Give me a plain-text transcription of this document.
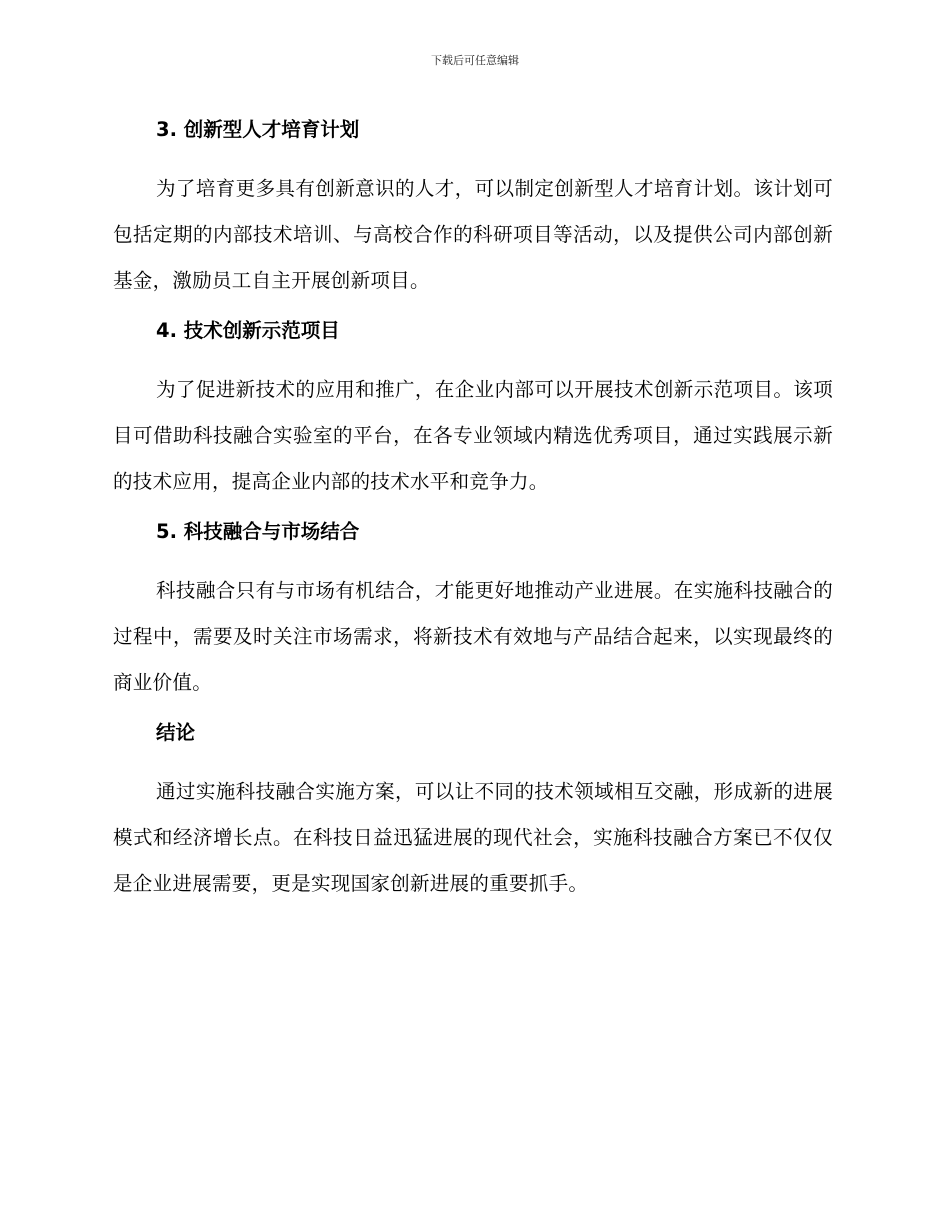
下载后可任意编辑
3. 创新型人才培育计划

为了培育更多具有创新意识的人才，可以制定创新型人才培育计划。该计划可包括定期的内部技术培训、与高校合作的科研项目等活动，以及提供公司内部创新基金，激励员工自主开展创新项目。

4. 技术创新示范项目

为了促进新技术的应用和推广，在企业内部可以开展技术创新示范项目。该项目可借助科技融合实验室的平台，在各专业领域内精选优秀项目，通过实践展示新的技术应用，提高企业内部的技术水平和竞争力。

5. 科技融合与市场结合

科技融合只有与市场有机结合，才能更好地推动产业进展。在实施科技融合的过程中，需要及时关注市场需求，将新技术有效地与产品结合起来，以实现最终的商业价值。

结论

通过实施科技融合实施方案，可以让不同的技术领域相互交融，形成新的进展模式和经济增长点。在科技日益迅猛进展的现代社会，实施科技融合方案已不仅仅是企业进展需要，更是实现国家创新进展的重要抓手。
